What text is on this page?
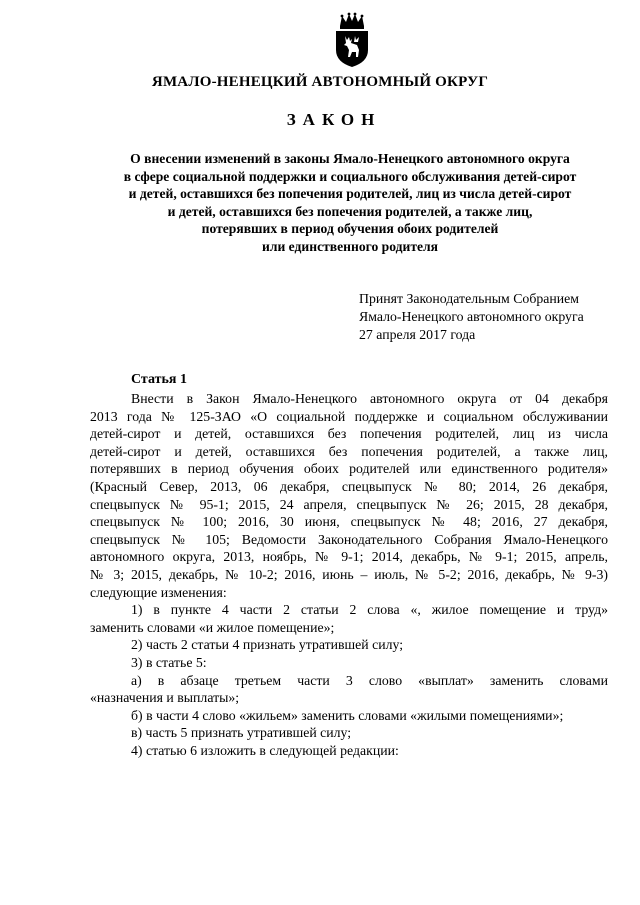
ЯМАЛО-НЕНЕЦКИЙ АВТОНОМНЫЙ ОКРУГ
ЗАКОН
О внесении изменений в законы Ямало-Ненецкого автономного округа
в сфере социальной поддержки и социального обслуживания детей-сирот
и детей, оставшихся без попечения родителей, лиц из числа детей-сирот
и детей, оставшихся без попечения родителей, а также лиц,
потерявших в период обучения обоих родителей
или единственного родителя
Принят Законодательным Собранием
Ямало-Ненецкого автономного округа
27 апреля 2017 года
Статья 1

Внести в Закон Ямало-Ненецкого автономного округа от 04 декабря
2013 года № 125-ЗАО «О социальной поддержке и социальном обслуживании
детей-сирот и детей, оставшихся без попечения родителей, лиц из числа
детей-сирот и детей, оставшихся без попечения родителей, а также лиц,
потерявших в период обучения обоих родителей или единственного родителя»
(Красный Север, 2013, 06 декабря, спецвыпуск № 80; 2014, 26 декабря,
спецвыпуск № 95-1; 2015, 24 апреля, спецвыпуск № 26; 2015, 28 декабря,
спецвыпуск № 100; 2016, 30 июня, спецвыпуск № 48; 2016, 27 декабря,
спецвыпуск № 105; Ведомости Законодательного Собрания Ямало-Ненецкого
автономного округа, 2013, ноябрь, № 9-1; 2014, декабрь, № 9-1; 2015, апрель,
№ 3; 2015, декабрь, № 10-2; 2016, июнь – июль, № 5-2; 2016, декабрь, № 9-3)
следующие изменения:

1) в пункте 4 части 2 статьи 2 слова «, жилое помещение и труд»
заменить словами «и жилое помещение»;

2) часть 2 статьи 4 признать утратившей силу;

3) в статье 5:

а) в абзаце третьем части 3 слово «выплат» заменить словами
«назначения и выплаты»;

б) в части 4 слово «жильем» заменить словами «жилыми помещениями»;

в) часть 5 признать утратившей силу;

4) статью 6 изложить в следующей редакции:
